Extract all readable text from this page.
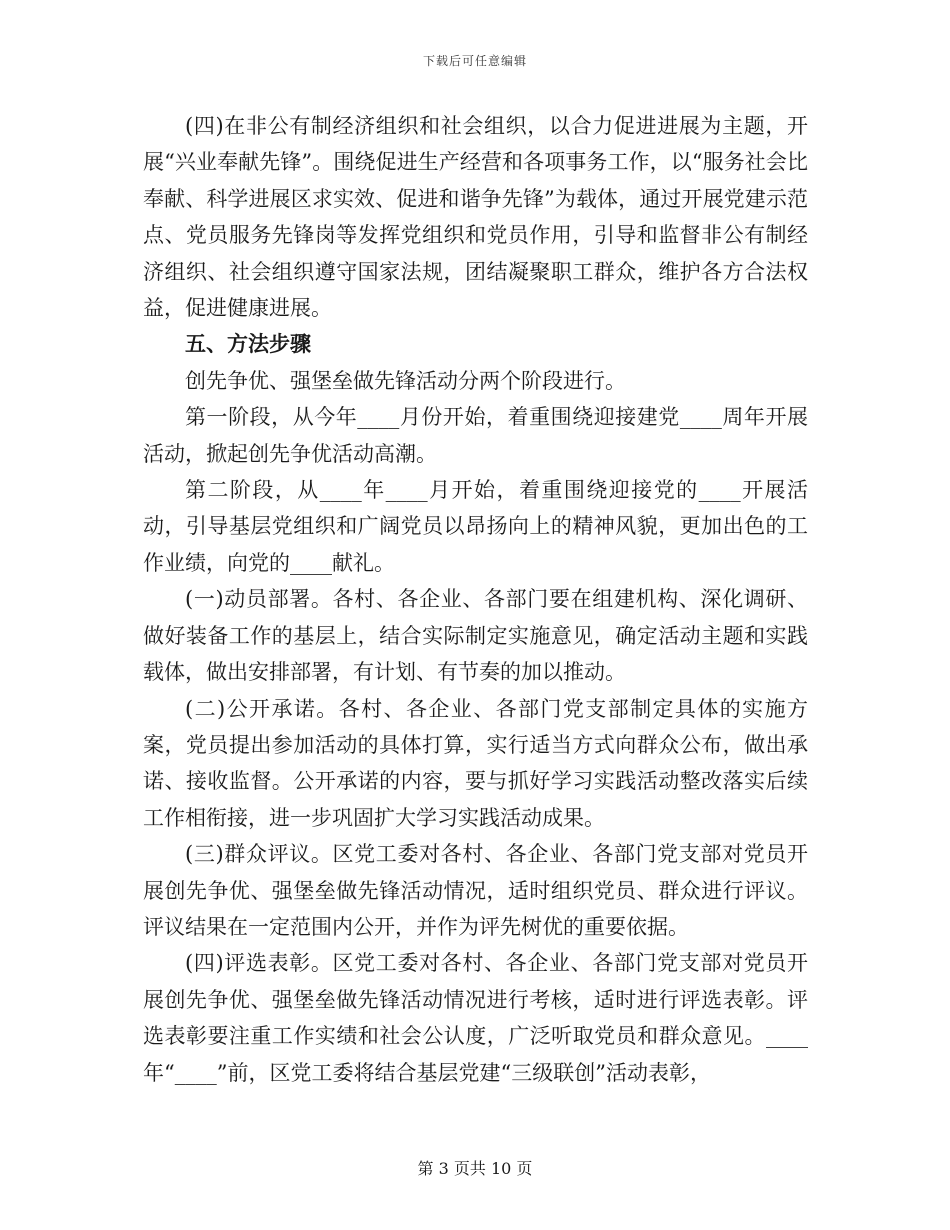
下载后可任意编辑

(四)在非公有制经济组织和社会组织，以合力促进进展为主题，开展“兴业奉献先锋”。围绕促进生产经营和各项事务工作，以“服务社会比奉献、科学进展区求实效、促进和谐争先锋”为载体，通过开展党建示范点、党员服务先锋岗等发挥党组织和党员作用，引导和监督非公有制经济组织、社会组织遵守国家法规，团结凝聚职工群众，维护各方合法权益，促进健康进展。

五、方法步骤

创先争优、强堡垒做先锋活动分两个阶段进行。

第一阶段，从今年____月份开始，着重围绕迎接建党____周年开展活动，掀起创先争优活动高潮。

第二阶段，从____年____月开始，着重围绕迎接党的____开展活动，引导基层党组织和广阔党员以昂扬向上的精神风貌，更加出色的工作业绩，向党的____献礼。

(一)动员部署。各村、各企业、各部门要在组建机构、深化调研、做好装备工作的基层上，结合实际制定实施意见，确定活动主题和实践载体，做出安排部署，有计划、有节奏的加以推动。

(二)公开承诺。各村、各企业、各部门党支部制定具体的实施方案，党员提出参加活动的具体打算，实行适当方式向群众公布，做出承诺、接收监督。公开承诺的内容，要与抓好学习实践活动整改落实后续工作相衔接，进一步巩固扩大学习实践活动成果。

(三)群众评议。区党工委对各村、各企业、各部门党支部对党员开展创先争优、强堡垒做先锋活动情况，适时组织党员、群众进行评议。评议结果在一定范围内公开，并作为评先树优的重要依据。

(四)评选表彰。区党工委对各村、各企业、各部门党支部对党员开展创先争优、强堡垒做先锋活动情况进行考核，适时进行评选表彰。评选表彰要注重工作实绩和社会公认度，广泛听取党员和群众意见。____年“____”前，区党工委将结合基层党建“三级联创”活动表彰，

第 3 页共 10 页
